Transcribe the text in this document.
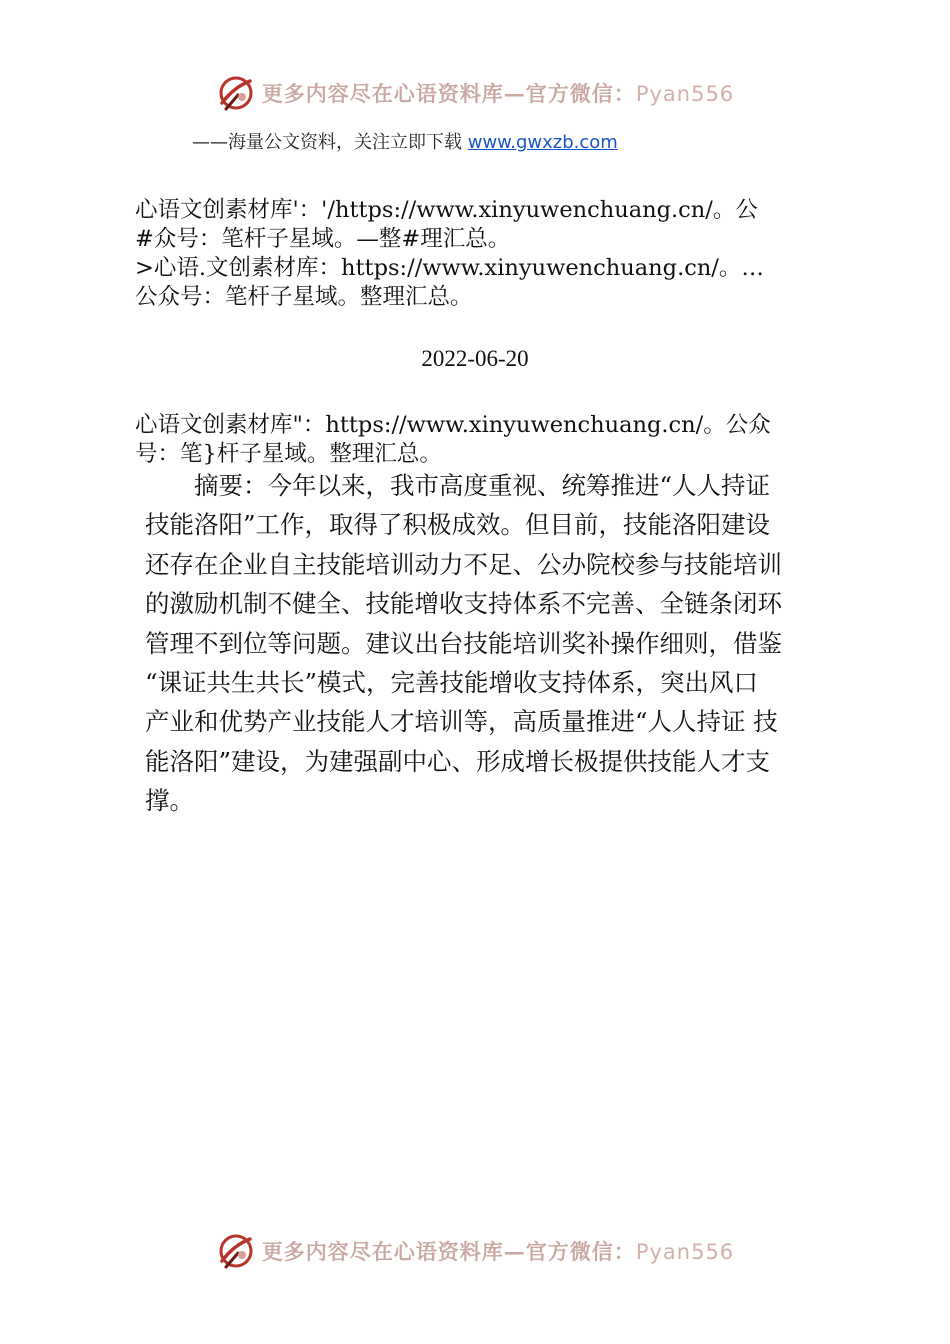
更多内容尽在心语资料库—官方微信：Pyan556
——海量公文资料，关注立即下载 www.gwxzb.com

心语文创素材库'：'/https://www.xinyuwenchuang.cn/。公

#众号：笔杆子星域。—整#理汇总。

>心语.文创素材库：https://www.xinyuwenchuang.cn/。…

公众号：笔杆子星域。整理汇总。

2022-06-20

心语文创素材库"：https://www.xinyuwenchuang.cn/。公众

号：笔}杆子星域。整理汇总。

　　摘要：今年以来，我市高度重视、统筹推进“人人持证

技能洛阳”工作，取得了积极成效。但目前，技能洛阳建设

还存在企业自主技能培训动力不足、公办院校参与技能培训

的激励机制不健全、技能增收支持体系不完善、全链条闭环

管理不到位等问题。建议出台技能培训奖补操作细则，借鉴

“课证共生共长”模式，完善技能增收支持体系，突出风口

产业和优势产业技能人才培训等，高质量推进“人人持证 技

能洛阳”建设，为建强副中心、形成增长极提供技能人才支

撑。

更多内容尽在心语资料库—官方微信：Pyan556
